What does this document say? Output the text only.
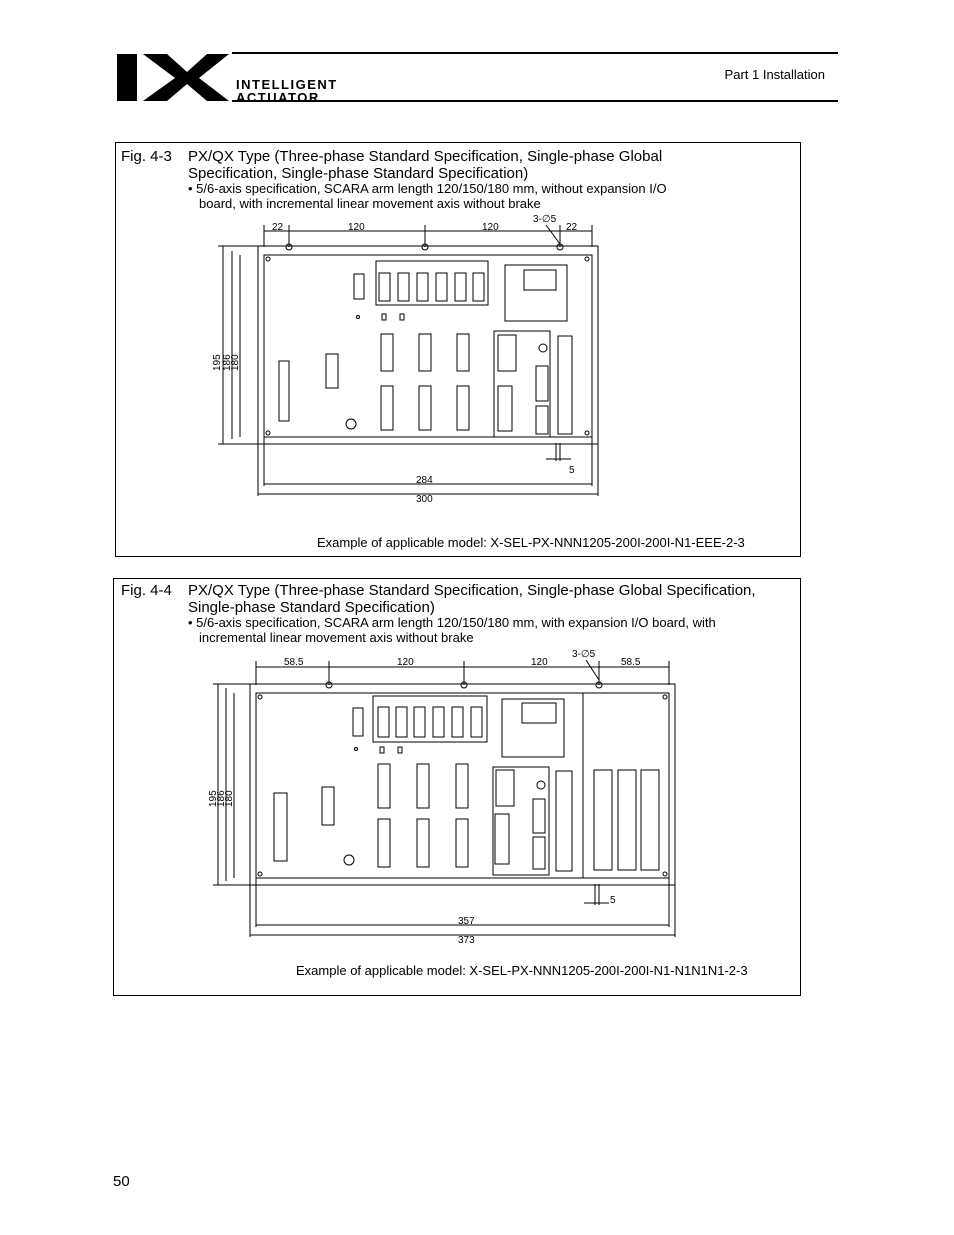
INTELLIGENT
ACTUATOR
Part 1 Installation
Fig. 4-3 PX/QX Type (Three-phase Standard Specification, Single-phase Global
Specification, Single-phase Standard Specification)
• 5/6-axis specification, SCARA arm length 120/150/180 mm, without expansion I/O
board, with incremental linear movement axis without brake
22	120	120	22
3-∅5
195 186
180
5
284
300
Example of applicable model: X-SEL-PX-NNN1205-200I-200I-N1-EEE-2-3
Fig. 4-4 PX/QX Type (Three-phase Standard Specification, Single-phase Global Specification,
Single-phase Standard Specification)
• 5/6-axis specification, SCARA arm length 120/150/180 mm, with expansion I/O board, with
incremental linear movement axis without brake
58.5	120	120	58.5
3-∅5
195
186
180
5
357
373
Example of applicable model: X-SEL-PX-NNN1205-200I-200I-N1-N1N1N1-2-3
50
